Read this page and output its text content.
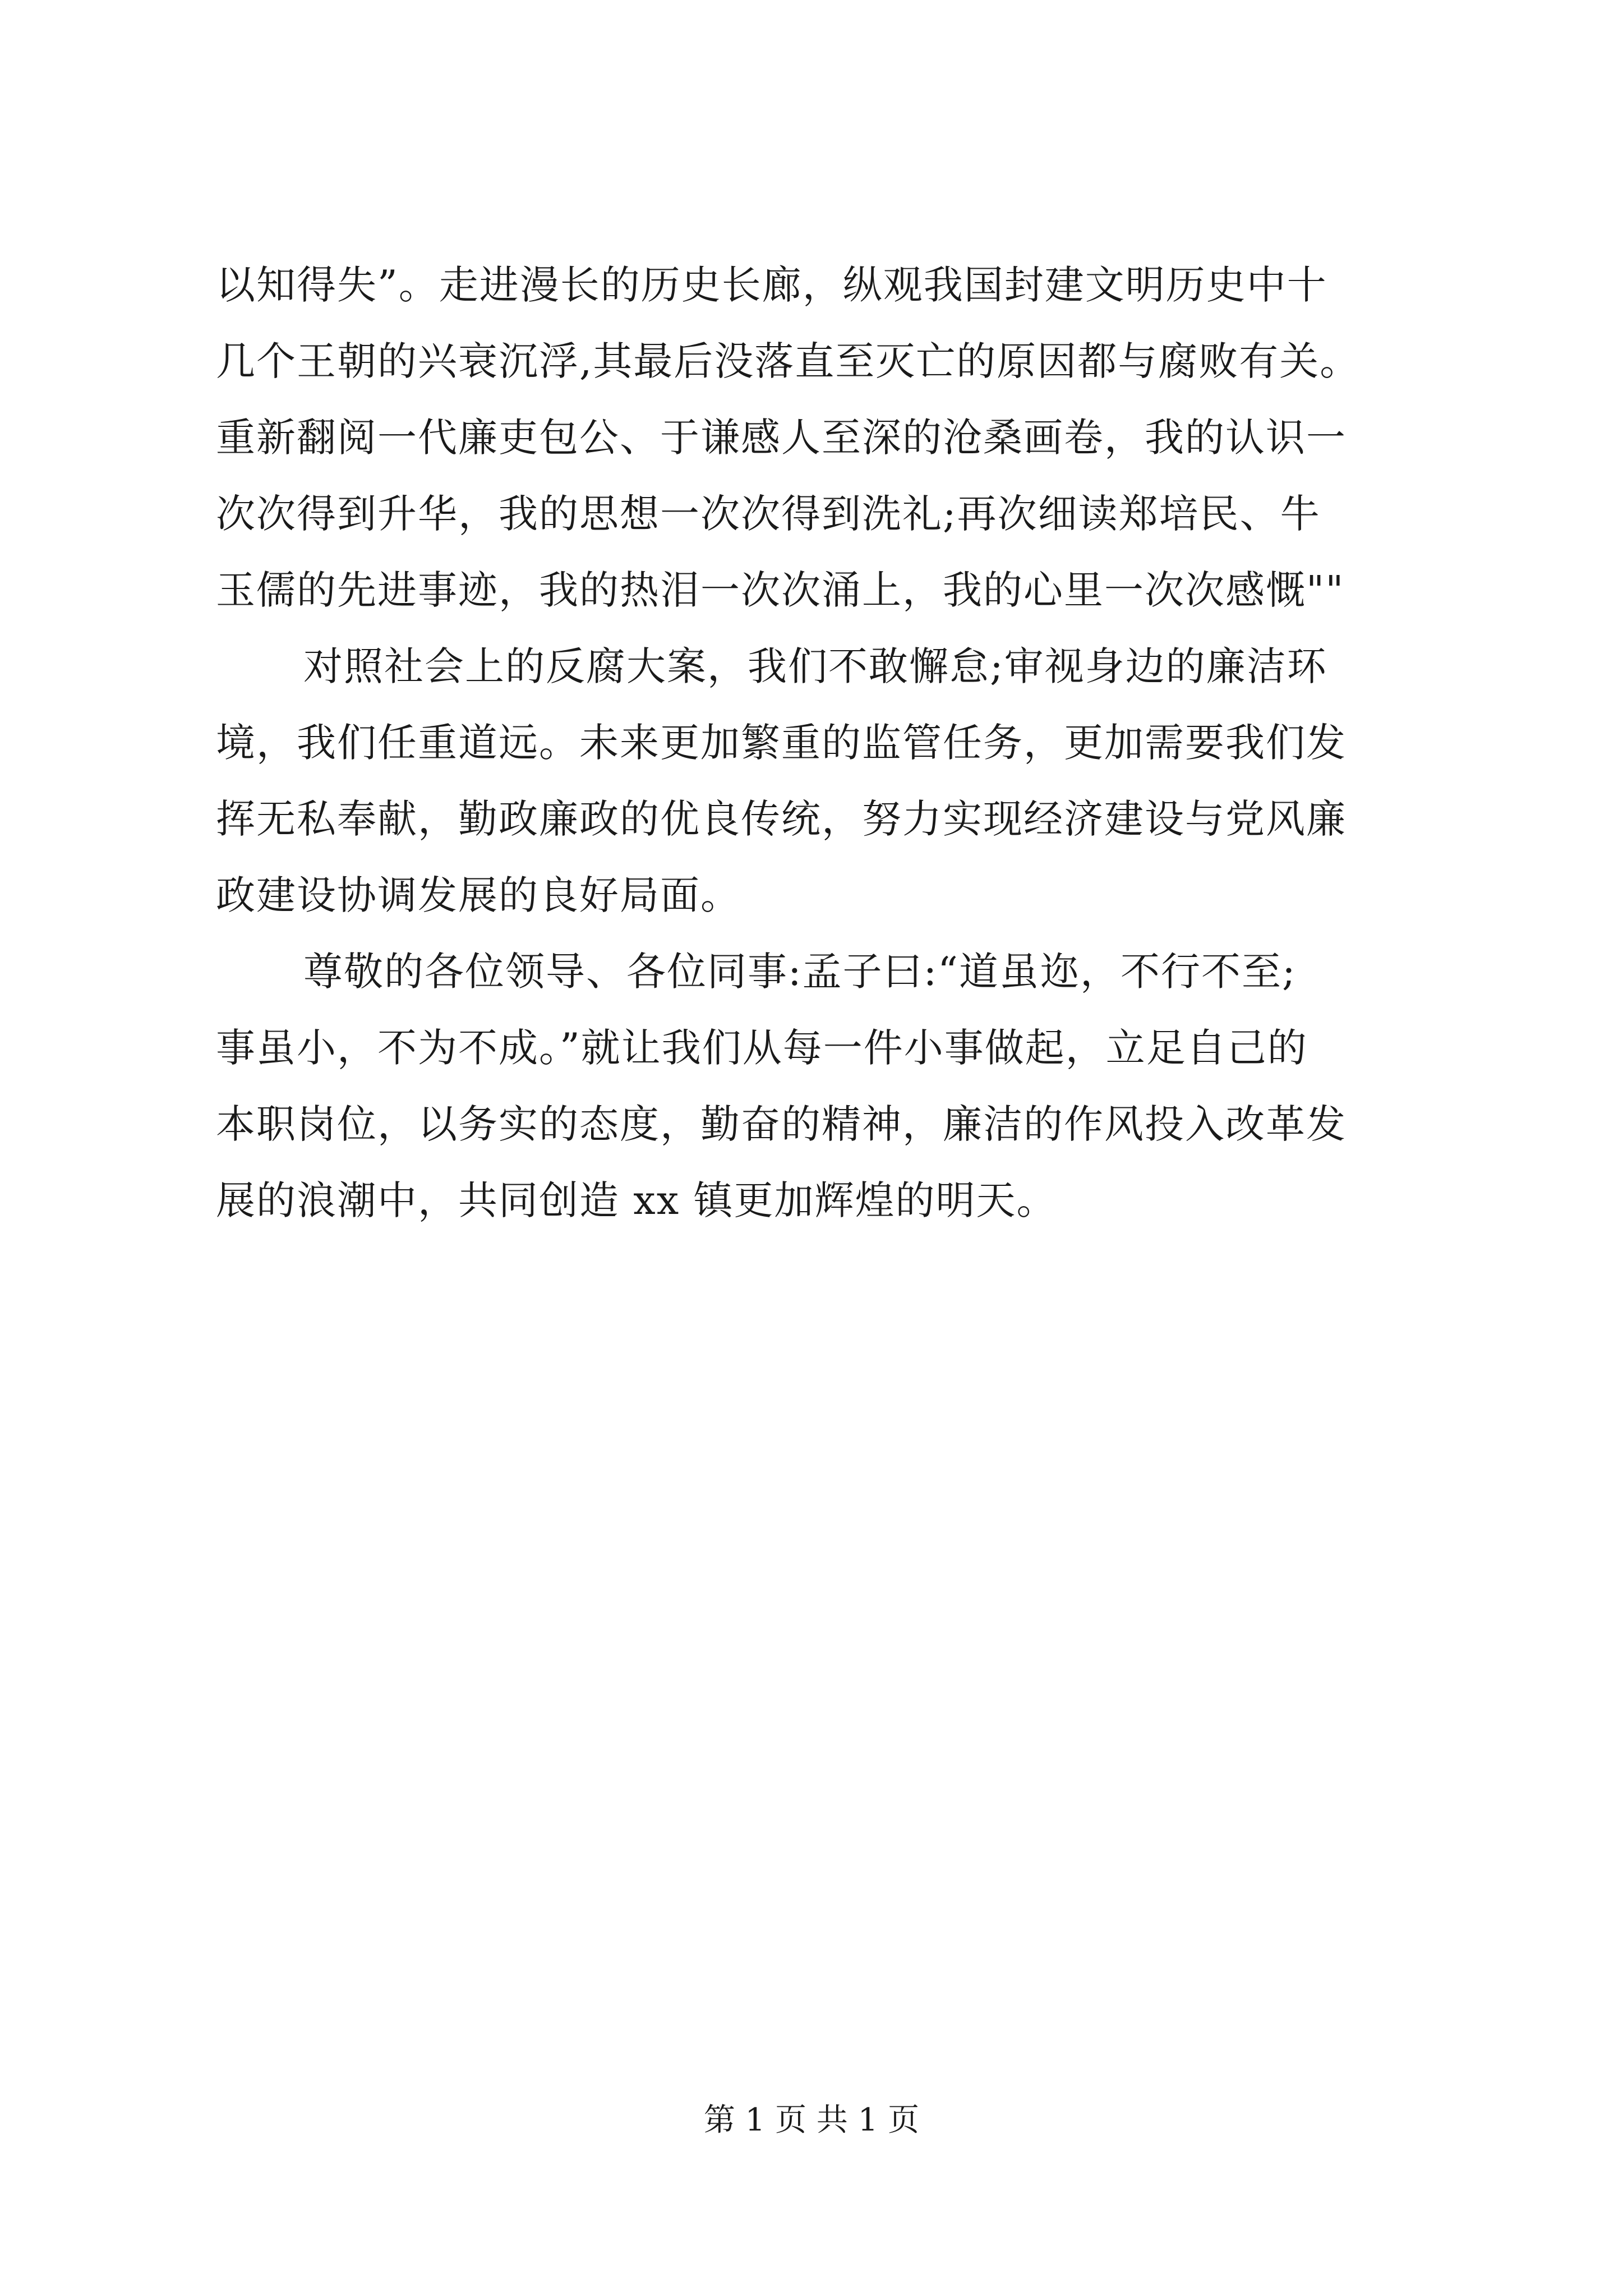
以知得失”。走进漫长的历史长廊，纵观我国封建文明历史中十
几个王朝的兴衰沉浮,其最后没落直至灭亡的原因都与腐败有关。
重新翻阅一代廉吏包公、于谦感人至深的沧桑画卷，我的认识一
次次得到升华，我的思想一次次得到洗礼;再次细读郑培民、牛
玉儒的先进事迹，我的热泪一次次涌上，我的心里一次次感慨""
对照社会上的反腐大案，我们不敢懈怠;审视身边的廉洁环
境，我们任重道远。未来更加繁重的监管任务，更加需要我们发
挥无私奉献，勤政廉政的优良传统，努力实现经济建设与党风廉
政建设协调发展的良好局面。
尊敬的各位领导、各位同事:孟子曰:“道虽迩，不行不至;
事虽小，不为不成。”就让我们从每一件小事做起，立足自己的
本职岗位，以务实的态度，勤奋的精神，廉洁的作风投入改革发
展的浪潮中，共同创造 xx 镇更加辉煌的明天。
第 1 页 共 1 页
